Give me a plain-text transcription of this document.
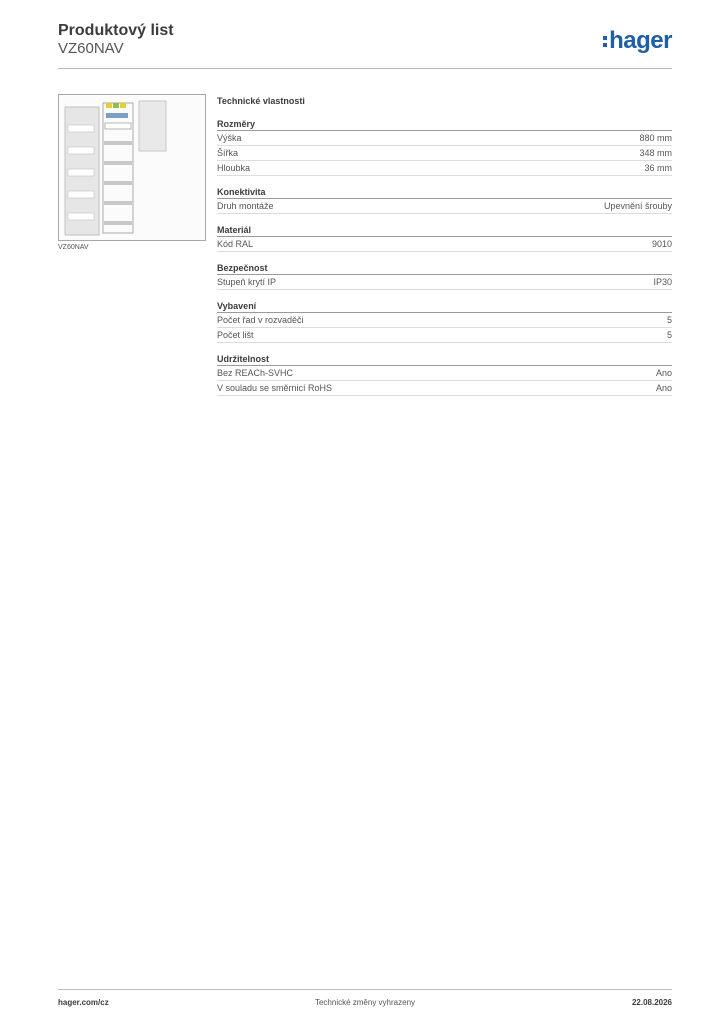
Produktový list
VZ60NAV	hager
VZ60NAV
Technické vlastnosti
Rozměry
Výška	880 mm
Šířka	348 mm
Hloubka	36 mm
Konektivita
Druh montáže	Upevnění šrouby
Materiál
Kód RAL	9010
Bezpečnost
Stupeň krytí IP	IP30
Vybavení
Počet řad v rozvaděči	5
Počet lišt	5
Udržitelnost
Bez REACh-SVHC	Ano
V souladu se směrnicí RoHS	Ano
hager.com/cz	Technické změny vyhrazeny	22.08.2026
